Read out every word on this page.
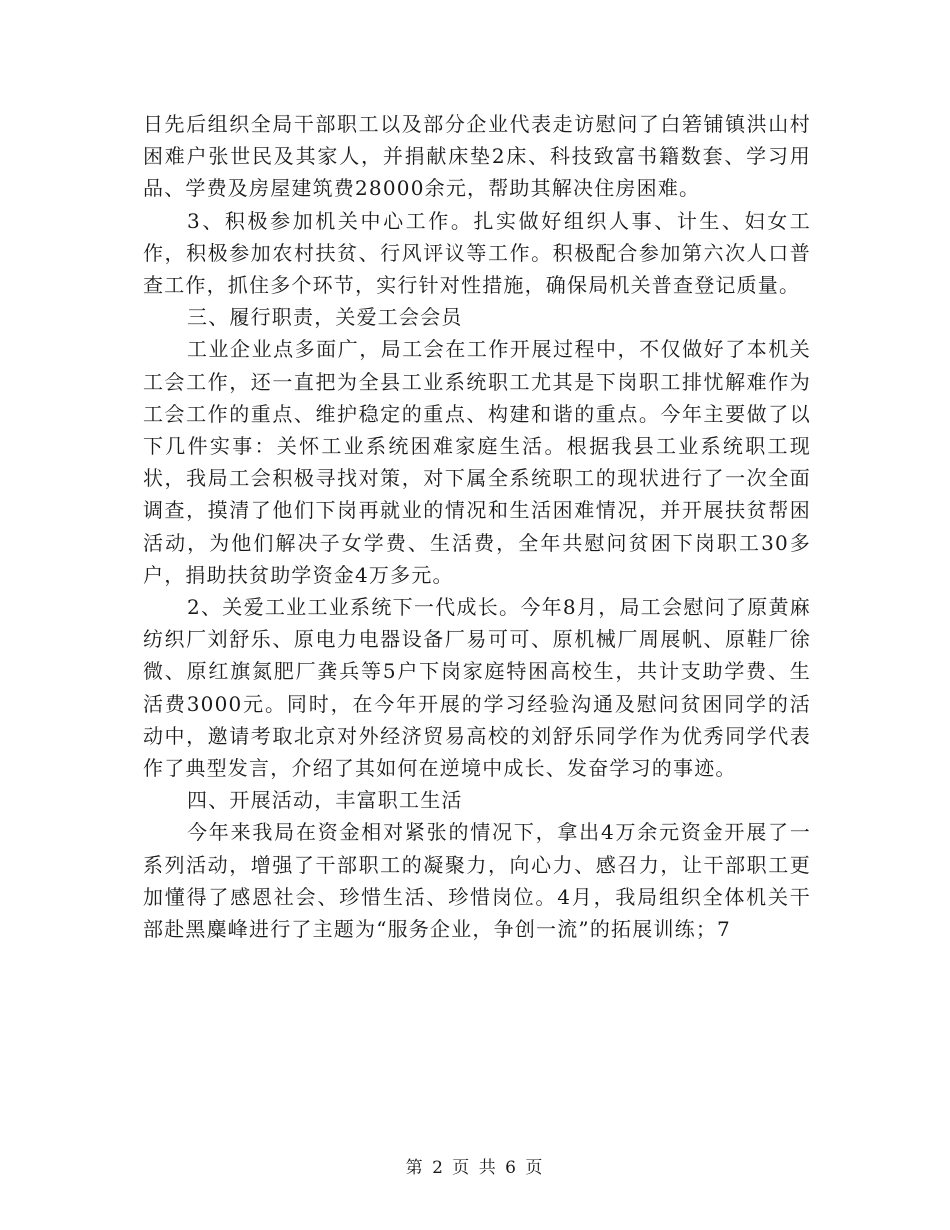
日先后组织全局干部职工以及部分企业代表走访慰问了白箬铺镇洪山村困难户张世民及其家人，并捐献床垫2床、科技致富书籍数套、学习用品、学费及房屋建筑费28000余元，帮助其解决住房困难。

3、积极参加机关中心工作。扎实做好组织人事、计生、妇女工作，积极参加农村扶贫、行风评议等工作。积极配合参加第六次人口普查工作，抓住多个环节，实行针对性措施，确保局机关普查登记质量。

三、履行职责，关爱工会会员

工业企业点多面广，局工会在工作开展过程中，不仅做好了本机关工会工作，还一直把为全县工业系统职工尤其是下岗职工排忧解难作为工会工作的重点、维护稳定的重点、构建和谐的重点。今年主要做了以下几件实事：关怀工业系统困难家庭生活。根据我县工业系统职工现状，我局工会积极寻找对策，对下属全系统职工的现状进行了一次全面调查，摸清了他们下岗再就业的情况和生活困难情况，并开展扶贫帮困活动，为他们解决子女学费、生活费，全年共慰问贫困下岗职工30多户，捐助扶贫助学资金4万多元。

2、关爱工业工业系统下一代成长。今年8月，局工会慰问了原黄麻纺织厂刘舒乐、原电力电器设备厂易可可、原机械厂周展帆、原鞋厂徐微、原红旗氮肥厂龚兵等5户下岗家庭特困高校生，共计支助学费、生活费3000元。同时，在今年开展的学习经验沟通及慰问贫困同学的活动中，邀请考取北京对外经济贸易高校的刘舒乐同学作为优秀同学代表作了典型发言，介绍了其如何在逆境中成长、发奋学习的事迹。

四、开展活动，丰富职工生活

今年来我局在资金相对紧张的情况下，拿出4万余元资金开展了一系列活动，增强了干部职工的凝聚力，向心力、感召力，让干部职工更加懂得了感恩社会、珍惜生活、珍惜岗位。4月，我局组织全体机关干部赴黑麋峰进行了主题为“服务企业，争创一流”的拓展训练；7

第 2 页 共 6 页
